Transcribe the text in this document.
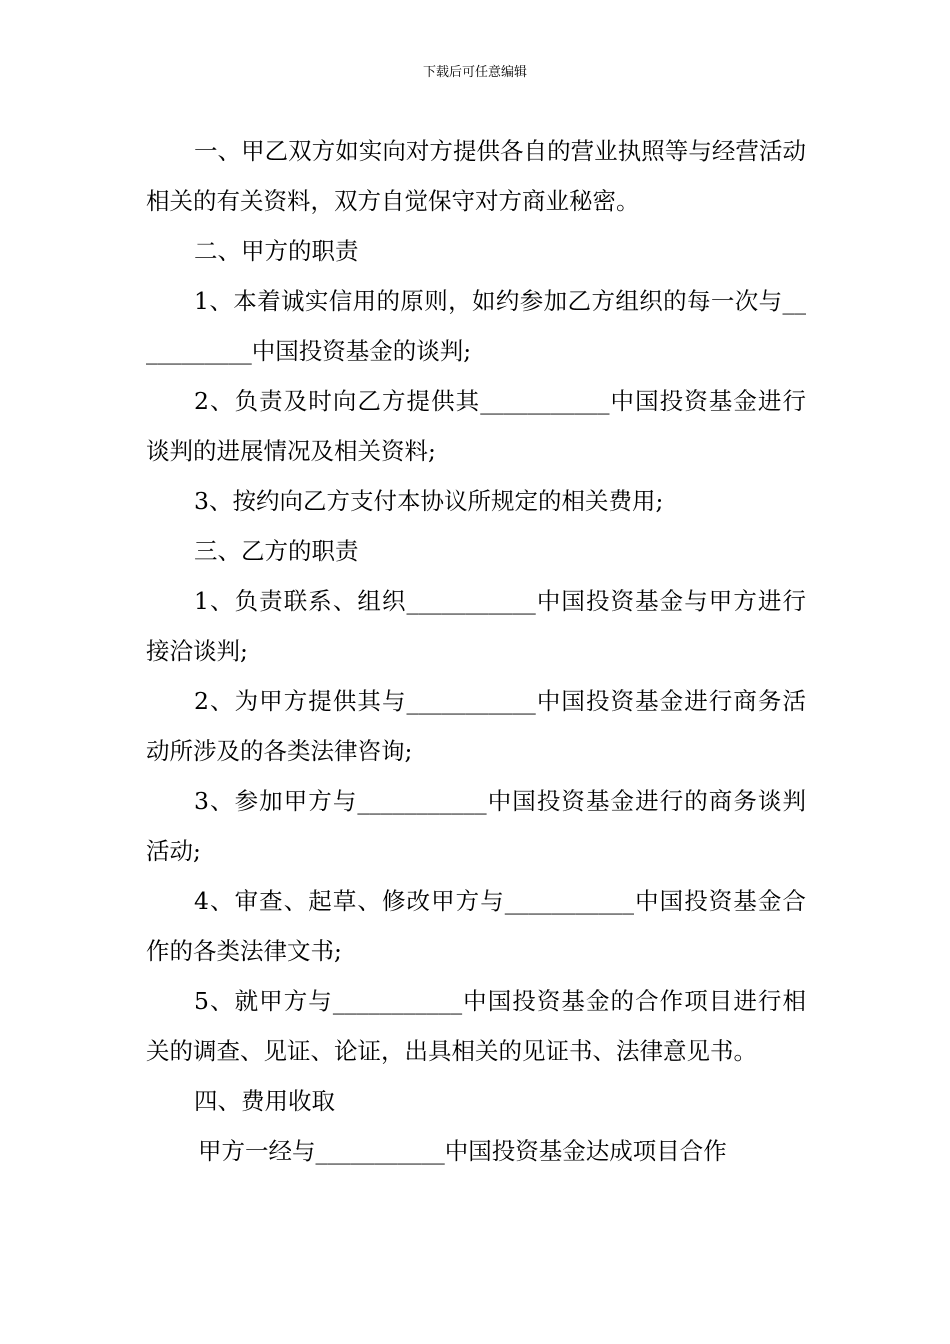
下载后可任意编辑

一、甲乙双方如实向对方提供各自的营业执照等与经营活动相关的有关资料，双方自觉保守对方商业秘密。

二、甲方的职责

1、本着诚实信用的原则，如约参加乙方组织的每一次与___________中国投资基金的谈判;

2、负责及时向乙方提供其___________中国投资基金进行谈判的进展情况及相关资料;

3、按约向乙方支付本协议所规定的相关费用;

三、乙方的职责

1、负责联系、组织___________中国投资基金与甲方进行接洽谈判;

2、为甲方提供其与___________中国投资基金进行商务活动所涉及的各类法律咨询;

3、参加甲方与___________中国投资基金进行的商务谈判活动;

4、审查、起草、修改甲方与___________中国投资基金合作的各类法律文书;

5、就甲方与___________中国投资基金的合作项目进行相关的调查、见证、论证，出具相关的见证书、法律意见书。

四、费用收取

甲方一经与___________中国投资基金达成项目合作
